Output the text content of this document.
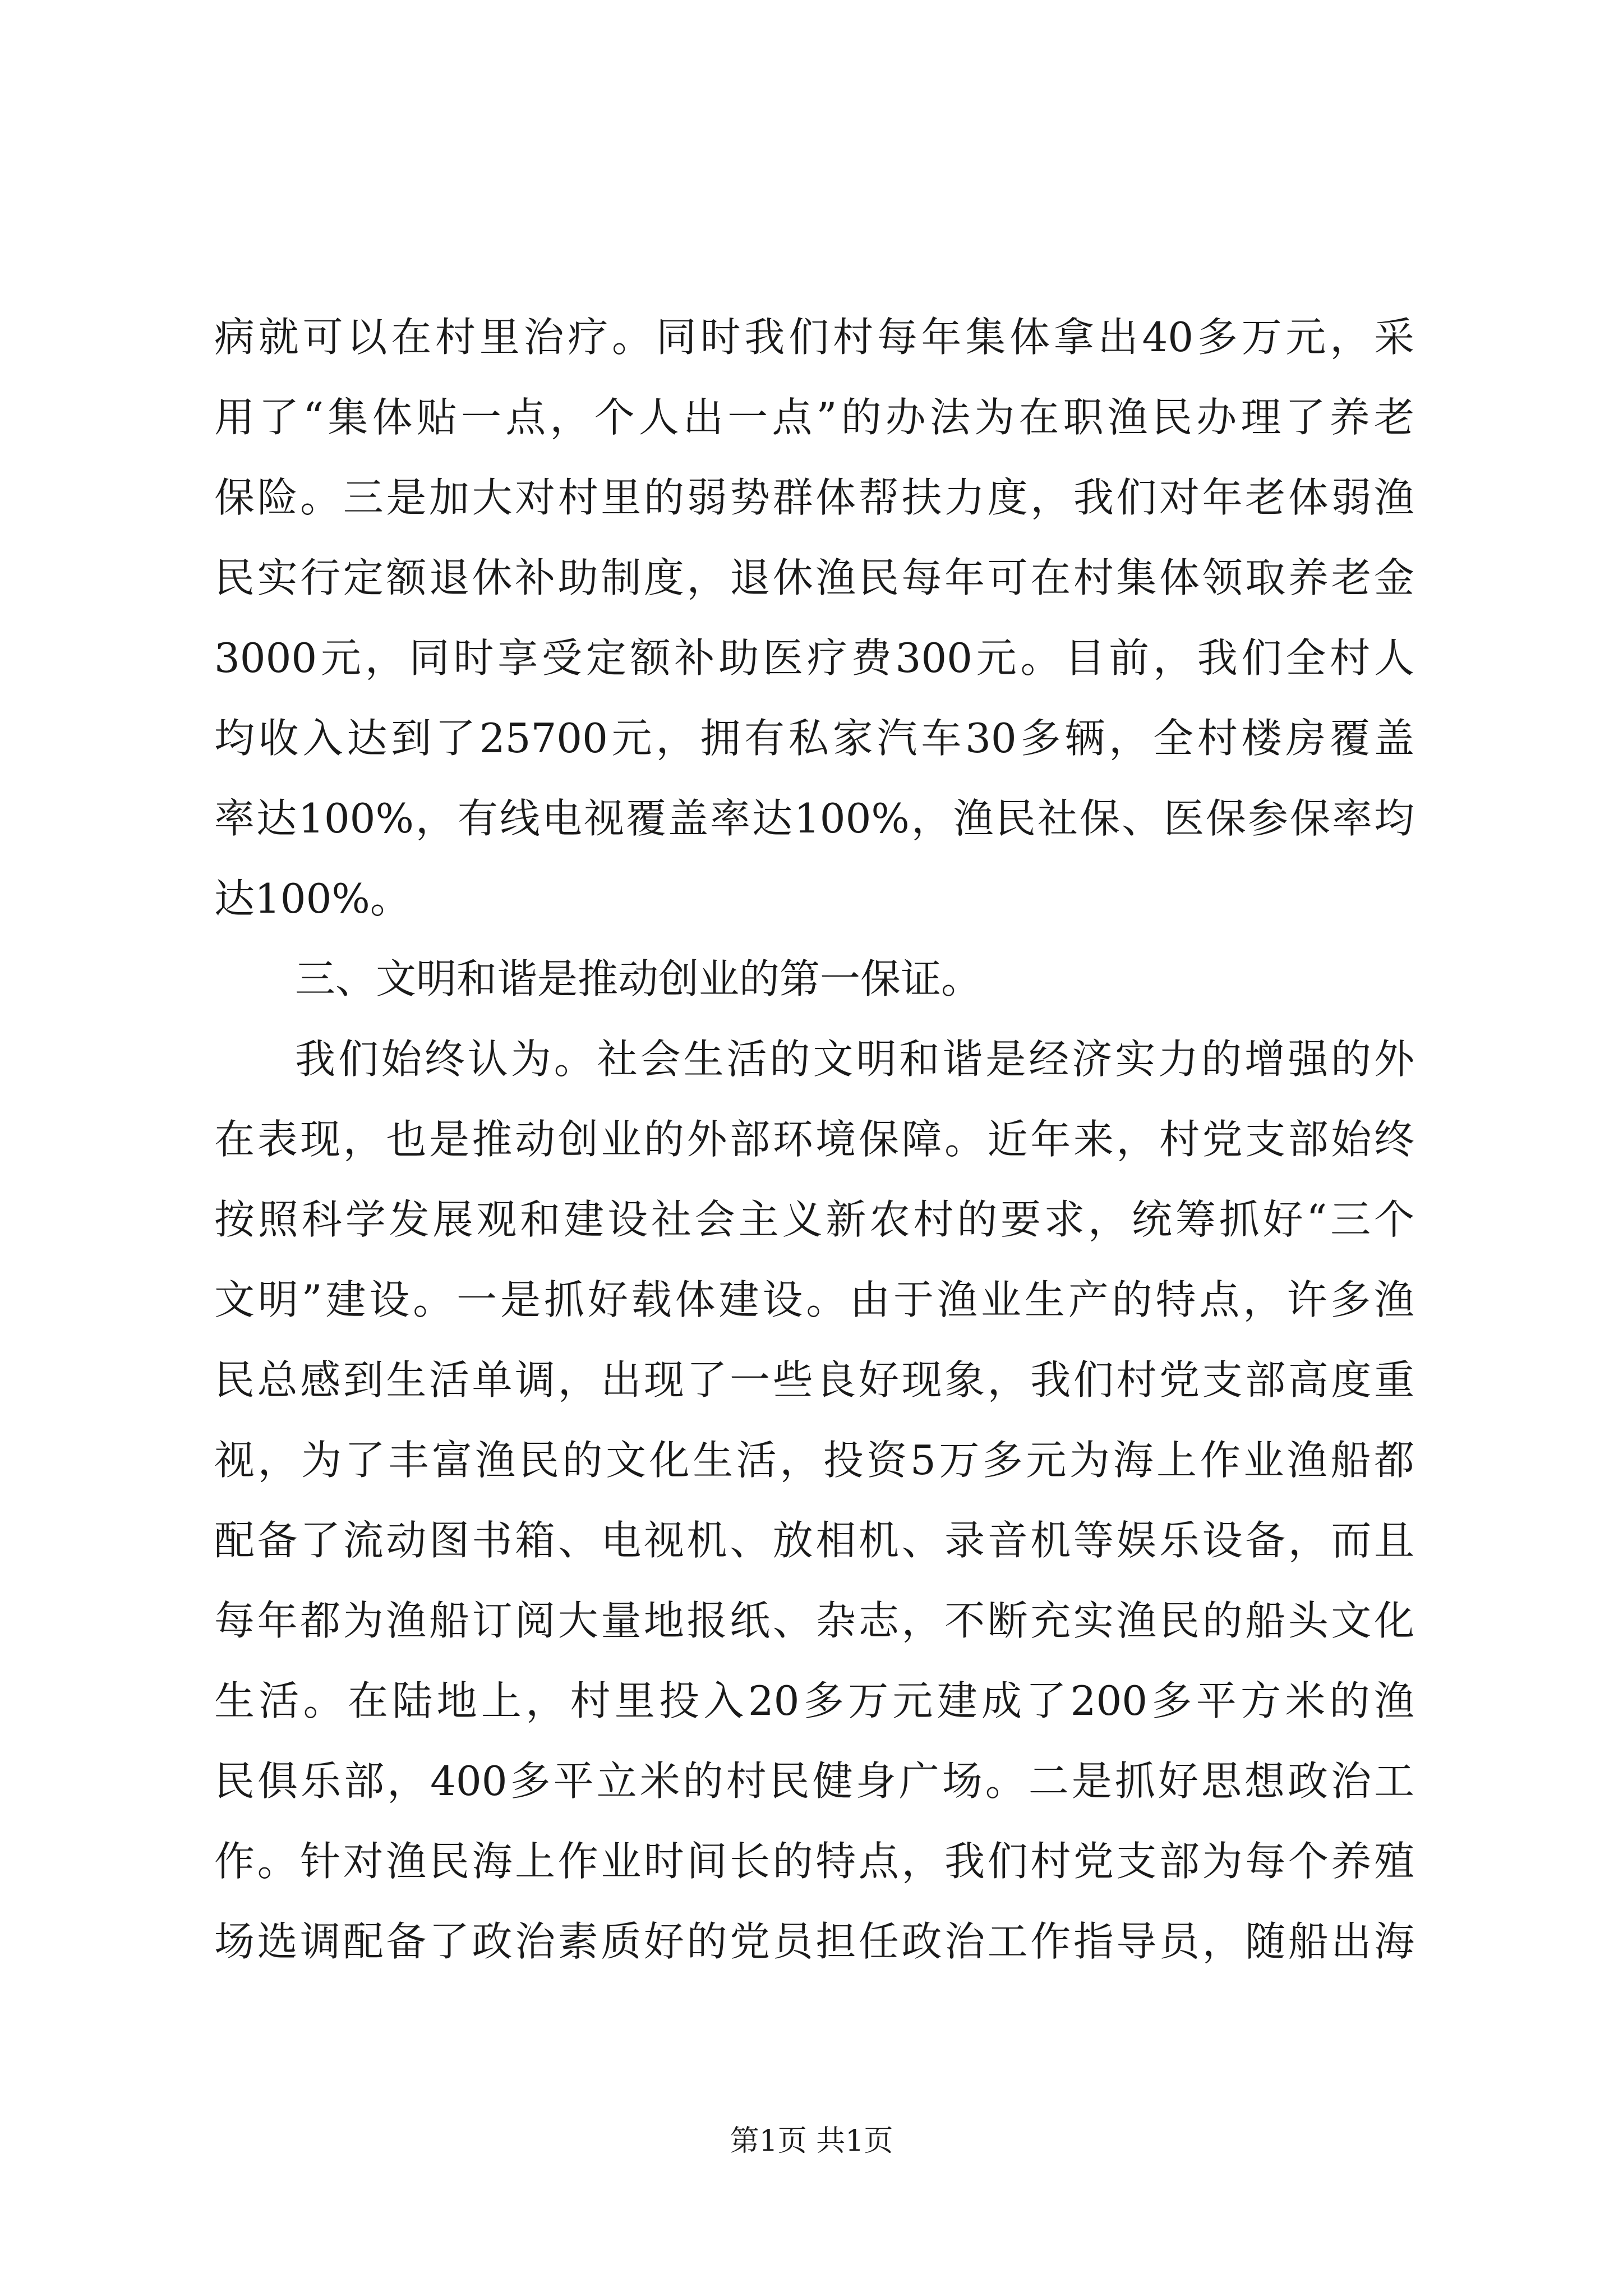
病就可以在村里治疗。同时我们村每年集体拿出40多万元，采
用了“集体贴一点，个人出一点”的办法为在职渔民办理了养老
保险。三是加大对村里的弱势群体帮扶力度，我们对年老体弱渔
民实行定额退休补助制度，退休渔民每年可在村集体领取养老金
3000元，同时享受定额补助医疗费300元。目前，我们全村人
均收入达到了25700元，拥有私家汽车30多辆，全村楼房覆盖
率达100%，有线电视覆盖率达100%，渔民社保、医保参保率均
达100%。
三、文明和谐是推动创业的第一保证。
我们始终认为。社会生活的文明和谐是经济实力的增强的外
在表现，也是推动创业的外部环境保障。近年来，村党支部始终
按照科学发展观和建设社会主义新农村的要求，统筹抓好“三个
文明”建设。一是抓好载体建设。由于渔业生产的特点，许多渔
民总感到生活单调，出现了一些良好现象，我们村党支部高度重
视，为了丰富渔民的文化生活，投资5万多元为海上作业渔船都
配备了流动图书箱、电视机、放相机、录音机等娱乐设备，而且
每年都为渔船订阅大量地报纸、杂志，不断充实渔民的船头文化
生活。在陆地上，村里投入20多万元建成了200多平方米的渔
民俱乐部，400多平立米的村民健身广场。二是抓好思想政治工
作。针对渔民海上作业时间长的特点，我们村党支部为每个养殖
场选调配备了政治素质好的党员担任政治工作指导员，随船出海
第1页 共1页
